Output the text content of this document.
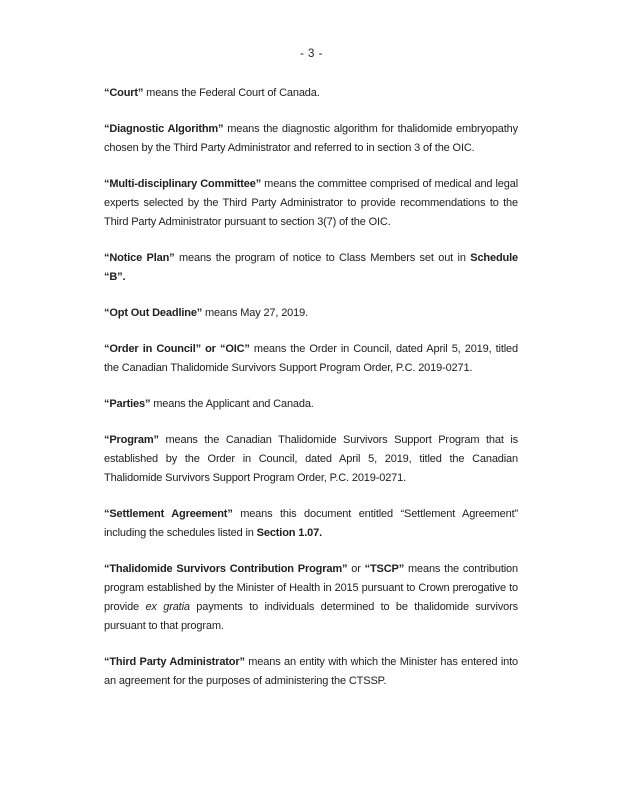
- 3 -

“Court” means the Federal Court of Canada.

“Diagnostic Algorithm” means the diagnostic algorithm for thalidomide embryopathy chosen by the Third Party Administrator and referred to in section 3 of the OIC.

“Multi-disciplinary Committee” means the committee comprised of medical and legal experts selected by the Third Party Administrator to provide recommendations to the Third Party Administrator pursuant to section 3(7) of the OIC.

“Notice Plan” means the program of notice to Class Members set out in Schedule “B”.

“Opt Out Deadline” means May 27, 2019.

“Order in Council” or “OIC” means the Order in Council, dated April 5, 2019, titled the Canadian Thalidomide Survivors Support Program Order, P.C. 2019-0271.

“Parties” means the Applicant and Canada.

“Program” means the Canadian Thalidomide Survivors Support Program that is established by the Order in Council, dated April 5, 2019, titled the Canadian Thalidomide Survivors Support Program Order, P.C. 2019-0271.

“Settlement Agreement” means this document entitled “Settlement Agreement” including the schedules listed in Section 1.07.

“Thalidomide Survivors Contribution Program” or “TSCP” means the contribution program established by the Minister of Health in 2015 pursuant to Crown prerogative to provide ex gratia payments to individuals determined to be thalidomide survivors pursuant to that program.

“Third Party Administrator” means an entity with which the Minister has entered into an agreement for the purposes of administering the CTSSP.
